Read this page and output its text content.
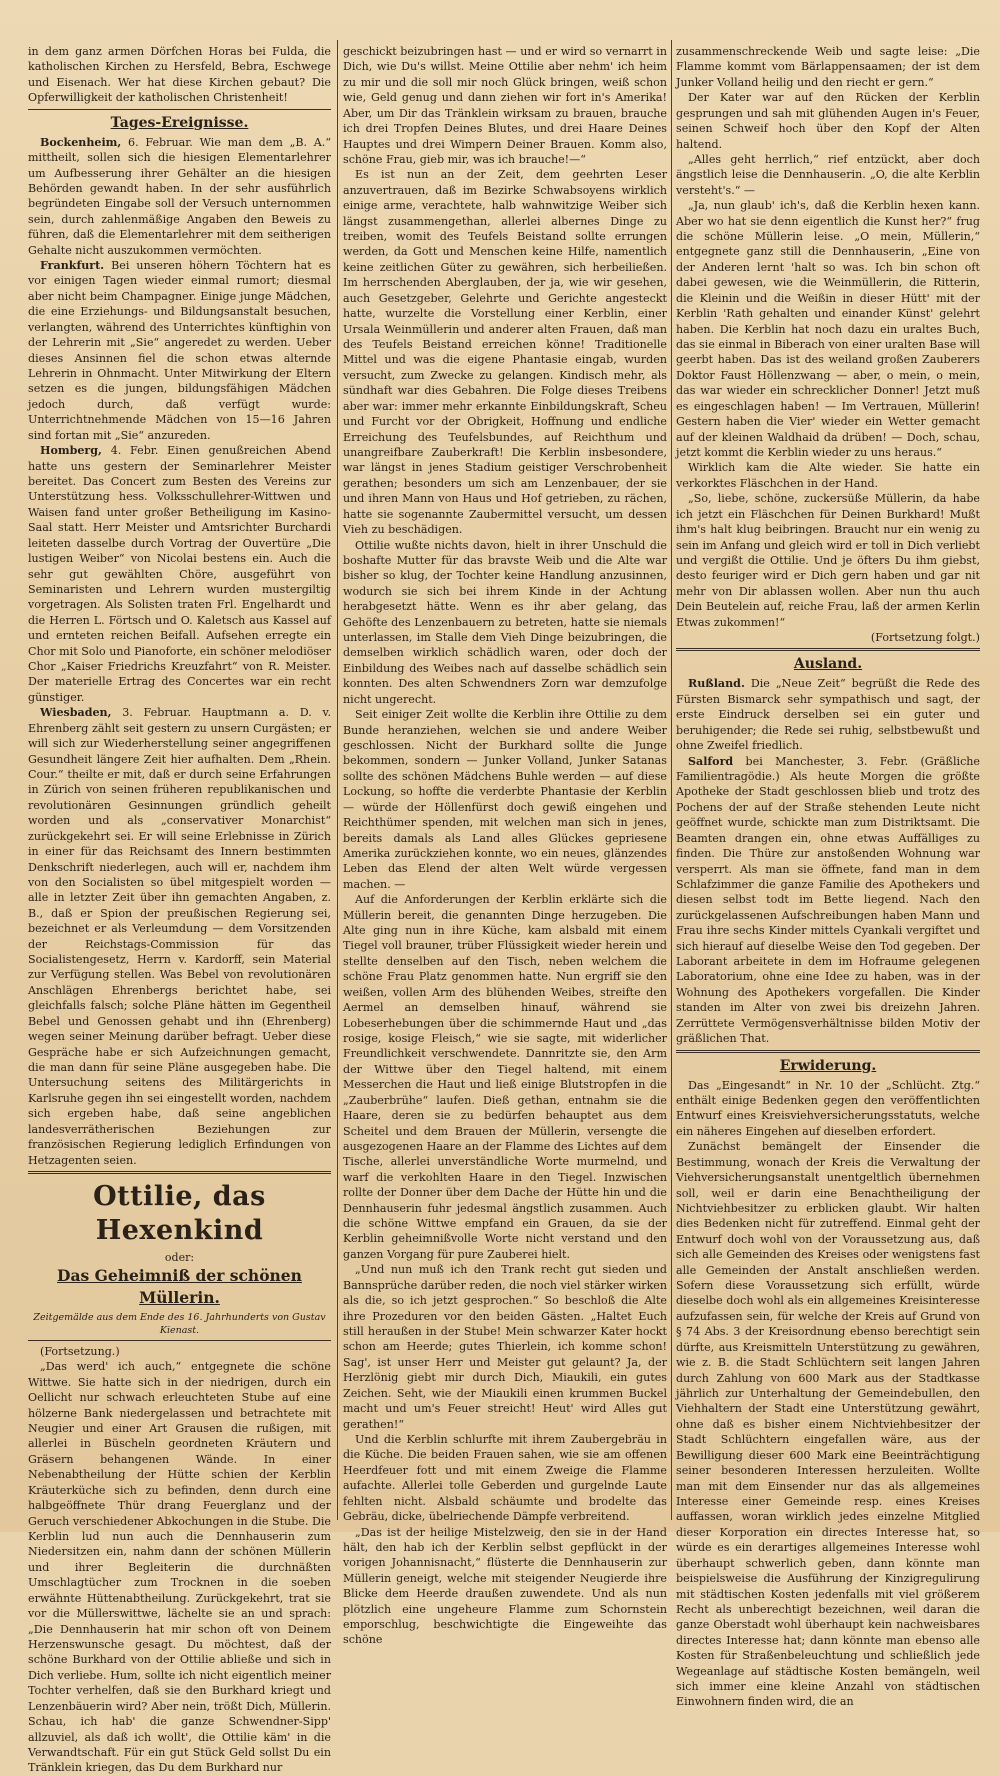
in dem ganz armen Dörfchen Horas bei Fulda, die katholischen Kirchen zu Hersfeld, Bebra, Eschwege und Eisenach. Wer hat diese Kirchen gebaut? Die Opferwilligkeit der katholischen Christenheit!

Tages-Ereignisse.

Bockenheim, 6. Februar. Wie man dem „B. A.“ mittheilt, sollen sich die hiesigen Elementarlehrer um Aufbesserung ihrer Gehälter an die hiesigen Behörden gewandt haben. In der sehr ausführlich begründeten Eingabe soll der Versuch unternommen sein, durch zahlenmäßige Angaben den Beweis zu führen, daß die Elementarlehrer mit dem seitherigen Gehalte nicht auszukommen vermöchten.

Frankfurt. Bei unseren höhern Töchtern hat es vor einigen Tagen wieder einmal rumort; diesmal aber nicht beim Champagner. Einige junge Mädchen, die eine Erziehungs- und Bildungsanstalt besuchen, verlangten, während des Unterrichtes künftighin von der Lehrerin mit „Sie“ angeredet zu werden. Ueber dieses Ansinnen fiel die schon etwas alternde Lehrerin in Ohnmacht. Unter Mitwirkung der Eltern setzen es die jungen, bildungsfähigen Mädchen jedoch durch, daß verfügt wurde: Unterrichtnehmende Mädchen von 15—16 Jahren sind fortan mit „Sie“ anzureden.

Homberg, 4. Febr. Einen genußreichen Abend hatte uns gestern der Seminarlehrer Meister bereitet. Das Concert zum Besten des Vereins zur Unterstützung hess. Volksschullehrer-Wittwen und Waisen fand unter großer Betheiligung im Kasino-Saal statt. Herr Meister und Amtsrichter Burchardi leiteten dasselbe durch Vortrag der Ouvertüre „Die lustigen Weiber“ von Nicolai bestens ein. Auch die sehr gut gewählten Chöre, ausgeführt von Seminaristen und Lehrern wurden mustergiltig vorgetragen. Als Solisten traten Frl. Engelhardt und die Herren L. Förtsch und O. Kaletsch aus Kassel auf und ernteten reichen Beifall. Aufsehen erregte ein Chor mit Solo und Pianoforte, ein schöner melodiöser Chor „Kaiser Friedrichs Kreuzfahrt“ von R. Meister. Der materielle Ertrag des Concertes war ein recht günstiger.

Wiesbaden, 3. Februar. Hauptmann a. D. v. Ehrenberg zählt seit gestern zu unsern Curgästen; er will sich zur Wiederherstellung seiner angegriffenen Gesundheit längere Zeit hier aufhalten. Dem „Rhein. Cour.“ theilte er mit, daß er durch seine Erfahrungen in Zürich von seinen früheren republikanischen und revolutionären Gesinnungen gründlich geheilt worden und als „conservativer Monarchist“ zurückgekehrt sei. Er will seine Erlebnisse in Zürich in einer für das Reichsamt des Innern bestimmten Denkschrift niederlegen, auch will er, nachdem ihm von den Socialisten so übel mitgespielt worden — alle in letzter Zeit über ihn gemachten Angaben, z. B., daß er Spion der preußischen Regierung sei, bezeichnet er als Verleumdung — dem Vorsitzenden der Reichstags-Commission für das Socialistengesetz, Herrn v. Kardorff, sein Material zur Verfügung stellen. Was Bebel von revolutionären Anschlägen Ehrenbergs berichtet habe, sei gleichfalls falsch; solche Pläne hätten im Gegentheil Bebel und Genossen gehabt und ihn (Ehrenberg) wegen seiner Meinung darüber befragt. Ueber diese Gespräche habe er sich Aufzeichnungen gemacht, die man dann für seine Pläne ausgegeben habe. Die Untersuchung seitens des Militärgerichts in Karlsruhe gegen ihn sei eingestellt worden, nachdem sich ergeben habe, daß seine angeblichen landesverrätherischen Beziehungen zur französischen Regierung lediglich Erfindungen von Hetzagenten seien.

Ottilie, das Hexenkind
oder:
Das Geheimniß der schönen Müllerin.
Zeitgemälde aus dem Ende des 16. Jahrhunderts von Gustav Kienast.

(Fortsetzung.)

„Das werd' ich auch,“ entgegnete die schöne Wittwe. Sie hatte sich in der niedrigen, durch ein Oellicht nur schwach erleuchteten Stube auf eine hölzerne Bank niedergelassen und betrachtete mit Neugier und einer Art Grausen die rußigen, mit allerlei in Büscheln geordneten Kräutern und Gräsern behangenen Wände. In einer Nebenabtheilung der Hütte schien der Kerblin Kräuterküche sich zu befinden, denn durch eine halbgeöffnete Thür drang Feuerglanz und der Geruch verschiedener Abkochungen in die Stube. Die Kerblin lud nun auch die Dennhauserin zum Niedersitzen ein, nahm dann der schönen Müllerin und ihrer Begleiterin die durchnäßten Umschlagtücher zum Trocknen in die soeben erwähnte Hüttenabtheilung. Zurückgekehrt, trat sie vor die Müllerswittwe, lächelte sie an und sprach: „Die Dennhauserin hat mir schon oft von Deinem Herzenswunsche gesagt. Du möchtest, daß der schöne Burkhard von der Ottilie abließe und sich in Dich verliebe. Hum, sollte ich nicht eigentlich meiner Tochter verhelfen, daß sie den Burkhard kriegt und Lenzenbäuerin wird? Aber nein, trößt Dich, Müllerin. Schau, ich hab' die ganze Schwendner-Sipp' allzuviel, als daß ich wollt', die Ottilie käm' in die Verwandtschaft. Für ein gut Stück Geld sollst Du ein Tränklein kriegen, das Du dem Burkhard nur

geschickt beizubringen hast — und er wird so vernarrt in Dich, wie Du's willst. Meine Ottilie aber nehm' ich heim zu mir und die soll mir noch Glück bringen, weiß schon wie, Geld genug und dann ziehen wir fort in's Amerika! Aber, um Dir das Tränklein wirksam zu brauen, brauche ich drei Tropfen Deines Blutes, und drei Haare Deines Hauptes und drei Wimpern Deiner Brauen. Komm also, schöne Frau, gieb mir, was ich brauche!—“

Es ist nun an der Zeit, dem geehrten Leser anzuvertrauen, daß im Bezirke Schwabsoyens wirklich einige arme, verachtete, halb wahnwitzige Weiber sich längst zusammengethan, allerlei albernes Dinge zu treiben, womit des Teufels Beistand sollte errungen werden, da Gott und Menschen keine Hilfe, namentlich keine zeitlichen Güter zu gewähren, sich herbeiließen. Im herrschenden Aberglauben, der ja, wie wir gesehen, auch Gesetzgeber, Gelehrte und Gerichte angesteckt hatte, wurzelte die Vorstellung einer Kerblin, einer Ursala Weinmüllerin und anderer alten Frauen, daß man des Teufels Beistand erreichen könne! Traditionelle Mittel und was die eigene Phantasie eingab, wurden versucht, zum Zwecke zu gelangen. Kindisch mehr, als sündhaft war dies Gebahren. Die Folge dieses Treibens aber war: immer mehr erkannte Einbildungskraft, Scheu und Furcht vor der Obrigkeit, Hoffnung und endliche Erreichung des Teufelsbundes, auf Reichthum und unangreifbare Zauberkraft! Die Kerblin insbesondere, war längst in jenes Stadium geistiger Verschrobenheit gerathen; besonders um sich am Lenzenbauer, der sie und ihren Mann von Haus und Hof getrieben, zu rächen, hatte sie sogenannte Zaubermittel versucht, um dessen Vieh zu beschädigen.

Ottilie wußte nichts davon, hielt in ihrer Unschuld die boshafte Mutter für das bravste Weib und die Alte war bisher so klug, der Tochter keine Handlung anzusinnen, wodurch sie sich bei ihrem Kinde in der Achtung herabgesetzt hätte. Wenn es ihr aber gelang, das Gehöfte des Lenzenbauern zu betreten, hatte sie niemals unterlassen, im Stalle dem Vieh Dinge beizubringen, die demselben wirklich schädlich waren, oder doch der Einbildung des Weibes nach auf dasselbe schädlich sein konnten. Des alten Schwendners Zorn war demzufolge nicht ungerecht.

Seit einiger Zeit wollte die Kerblin ihre Ottilie zu dem Bunde heranziehen, welchen sie und andere Weiber geschlossen. Nicht der Burkhard sollte die Junge bekommen, sondern — Junker Volland, Junker Satanas sollte des schönen Mädchens Buhle werden — auf diese Lockung, so hoffte die verderbte Phantasie der Kerblin — würde der Höllenfürst doch gewiß eingehen und Reichthümer spenden, mit welchen man sich in jenes, bereits damals als Land alles Glückes gepriesene Amerika zurückziehen konnte, wo ein neues, glänzendes Leben das Elend der alten Welt würde vergessen machen. —

Auf die Anforderungen der Kerblin erklärte sich die Müllerin bereit, die genannten Dinge herzugeben. Die Alte ging nun in ihre Küche, kam alsbald mit einem Tiegel voll brauner, trüber Flüssigkeit wieder herein und stellte denselben auf den Tisch, neben welchem die schöne Frau Platz genommen hatte. Nun ergriff sie den weißen, vollen Arm des blühenden Weibes, streifte den Aermel an demselben hinauf, während sie Lobeserhebungen über die schimmernde Haut und „das rosige, kosige Fleisch,“ wie sie sagte, mit widerlicher Freundlichkeit verschwendete. Dannritzte sie, den Arm der Wittwe über den Tiegel haltend, mit einem Messerchen die Haut und ließ einige Blutstropfen in die „Zauberbrühe“ laufen. Dieß gethan, entnahm sie die Haare, deren sie zu bedürfen behauptet aus dem Scheitel und dem Brauen der Müllerin, versengte die ausgezogenen Haare an der Flamme des Lichtes auf dem Tische, allerlei unverständliche Worte murmelnd, und warf die verkohlten Haare in den Tiegel. Inzwischen rollte der Donner über dem Dache der Hütte hin und die Dennhauserin fuhr jedesmal ängstlich zusammen. Auch die schöne Wittwe empfand ein Grauen, da sie der Kerblin geheimnißvolle Worte nicht verstand und den ganzen Vorgang für pure Zauberei hielt.

„Und nun muß ich den Trank recht gut sieden und Bannsprüche darüber reden, die noch viel stärker wirken als die, so ich jetzt gesprochen.“ So beschloß die Alte ihre Prozeduren vor den beiden Gästen. „Haltet Euch still heraußen in der Stube! Mein schwarzer Kater hockt schon am Heerde; gutes Thierlein, ich komme schon! Sag', ist unser Herr und Meister gut gelaunt? Ja, der Herzlönig giebt mir durch Dich, Miaukili, ein gutes Zeichen. Seht, wie der Miaukili einen krummen Buckel macht und um's Feuer streicht! Heut' wird Alles gut gerathen!“

Und die Kerblin schlurfte mit ihrem Zaubergebräu in die Küche. Die beiden Frauen sahen, wie sie am offenen Heerdfeuer fott und mit einem Zweige die Flamme aufachte. Allerlei tolle Geberden und gurgelnde Laute fehlten nicht. Alsbald schäumte und brodelte das Gebräu, dicke, übelriechende Dämpfe verbreitend.

„Das ist der heilige Mistelzweig, den sie in der Hand hält, den hab ich der Kerblin selbst gepflückt in der vorigen Johannisnacht,“ flüsterte die Dennhauserin zur Müllerin geneigt, welche mit steigender Neugierde ihre Blicke dem Heerde draußen zuwendete. Und als nun plötzlich eine ungeheure Flamme zum Schornstein emporschlug, beschwichtigte die Eingeweihte das schöne

zusammenschreckende Weib und sagte leise: „Die Flamme kommt vom Bärlappensaamen; der ist dem Junker Volland heilig und den riecht er gern.“

Der Kater war auf den Rücken der Kerblin gesprungen und sah mit glühenden Augen in's Feuer, seinen Schweif hoch über den Kopf der Alten haltend.

„Alles geht herrlich,“ rief entzückt, aber doch ängstlich leise die Dennhauserin. „O, die alte Kerblin versteht's.“ —

„Ja, nun glaub' ich's, daß die Kerblin hexen kann. Aber wo hat sie denn eigentlich die Kunst her?“ frug die schöne Müllerin leise. „O mein, Müllerin,“ entgegnete ganz still die Dennhauserin, „Eine von der Anderen lernt 'halt so was. Ich bin schon oft dabei gewesen, wie die Weinmüllerin, die Ritterin, die Kleinin und die Weißin in dieser Hütt' mit der Kerblin 'Rath gehalten und einander Künst' gelehrt haben. Die Kerblin hat noch dazu ein uraltes Buch, das sie einmal in Biberach von einer uralten Base will geerbt haben. Das ist des weiland großen Zauberers Doktor Faust Höllenzwang — aber, o mein, o mein, das war wieder ein schrecklicher Donner! Jetzt muß es eingeschlagen haben! — Im Vertrauen, Müllerin! Gestern haben die Vier' wieder ein Wetter gemacht auf der kleinen Waldhaid da drüben! — Doch, schau, jetzt kommt die Kerblin wieder zu uns heraus.“

Wirklich kam die Alte wieder. Sie hatte ein verkorktes Fläschchen in der Hand.

„So, liebe, schöne, zuckersüße Müllerin, da habe ich jetzt ein Fläschchen für Deinen Burkhard! Mußt ihm's halt klug beibringen. Braucht nur ein wenig zu sein im Anfang und gleich wird er toll in Dich verliebt und vergißt die Ottilie. Und je öfters Du ihm giebst, desto feuriger wird er Dich gern haben und gar nit mehr von Dir ablassen wollen. Aber nun thu auch Dein Beutelein auf, reiche Frau, laß der armen Kerlin Etwas zukommen!“

(Fortsetzung folgt.)

Ausland.

Rußland. Die „Neue Zeit“ begrüßt die Rede des Fürsten Bismarck sehr sympathisch und sagt, der erste Eindruck derselben sei ein guter und beruhigender; die Rede sei ruhig, selbstbewußt und ohne Zweifel friedlich.

Salford bei Manchester, 3. Febr. (Gräßliche Familientragödie.) Als heute Morgen die größte Apotheke der Stadt geschlossen blieb und trotz des Pochens der auf der Straße stehenden Leute nicht geöffnet wurde, schickte man zum Distriktsamt. Die Beamten drangen ein, ohne etwas Auffälliges zu finden. Die Thüre zur anstoßenden Wohnung war versperrt. Als man sie öffnete, fand man in dem Schlafzimmer die ganze Familie des Apothekers und diesen selbst todt im Bette liegend. Nach den zurückgelassenen Aufschreibungen haben Mann und Frau ihre sechs Kinder mittels Cyankali vergiftet und sich hierauf auf dieselbe Weise den Tod gegeben. Der Laborant arbeitete in dem im Hofraume gelegenen Laboratorium, ohne eine Idee zu haben, was in der Wohnung des Apothekers vorgefallen. Die Kinder standen im Alter von zwei bis dreizehn Jahren. Zerrüttete Vermögensverhältnisse bilden Motiv der gräßlichen That.

Erwiderung.

Das „Eingesandt“ in Nr. 10 der „Schlücht. Ztg.“ enthält einige Bedenken gegen den veröffentlichten Entwurf eines Kreisviehversicherungsstatuts, welche ein näheres Eingehen auf dieselben erfordert.

Zunächst bemängelt der Einsender die Bestimmung, wonach der Kreis die Verwaltung der Viehversicherungsanstalt unentgeltlich übernehmen soll, weil er darin eine Benachtheiligung der Nichtviehbesitzer zu erblicken glaubt. Wir halten dies Bedenken nicht für zutreffend. Einmal geht der Entwurf doch wohl von der Voraussetzung aus, daß sich alle Gemeinden des Kreises oder wenigstens fast alle Gemeinden der Anstalt anschließen werden. Sofern diese Voraussetzung sich erfüllt, würde dieselbe doch wohl als ein allgemeines Kreisinteresse aufzufassen sein, für welche der Kreis auf Grund von § 74 Abs. 3 der Kreisordnung ebenso berechtigt sein dürfte, aus Kreismitteln Unterstützung zu gewähren, wie z. B. die Stadt Schlüchtern seit langen Jahren durch Zahlung von 600 Mark aus der Stadtkasse jährlich zur Unterhaltung der Gemeindebullen, den Viehhaltern der Stadt eine Unterstützung gewährt, ohne daß es bisher einem Nichtviehbesitzer der Stadt Schlüchtern eingefallen wäre, aus der Bewilligung dieser 600 Mark eine Beeinträchtigung seiner besonderen Interessen herzuleiten. Wollte man mit dem Einsender nur das als allgemeines Interesse einer Gemeinde resp. eines Kreises auffassen, woran wirklich jedes einzelne Mitglied dieser Korporation ein directes Interesse hat, so würde es ein derartiges allgemeines Interesse wohl überhaupt schwerlich geben, dann könnte man beispielsweise die Ausführung der Kinzigregulirung mit städtischen Kosten jedenfalls mit viel größerem Recht als unberechtigt bezeichnen, weil daran die ganze Oberstadt wohl überhaupt kein nachweisbares directes Interesse hat; dann könnte man ebenso alle Kosten für Straßenbeleuchtung und schließlich jede Wegeanlage auf städtische Kosten bemängeln, weil sich immer eine kleine Anzahl von städtischen Einwohnern finden wird, die an
